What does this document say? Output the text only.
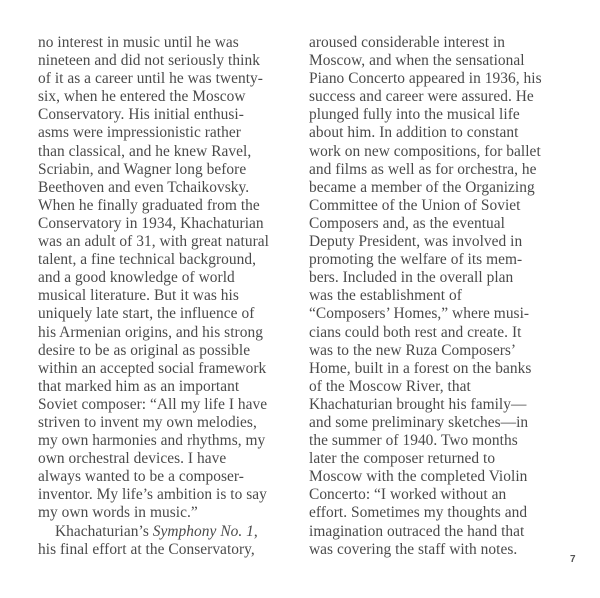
no interest in music until he was
nineteen and did not seriously think
of it as a career until he was twenty-
six, when he entered the Moscow
Conservatory. His initial enthusi-
asms were impressionistic rather
than classical, and he knew Ravel,
Scriabin, and Wagner long before
Beethoven and even Tchaikovsky.
When he finally graduated from the
Conservatory in 1934, Khachaturian
was an adult of 31, with great natural
talent, a fine technical background,
and a good knowledge of world
musical literature. But it was his
uniquely late start, the influence of
his Armenian origins, and his strong
desire to be as original as possible
within an accepted social framework
that marked him as an important
Soviet composer: “All my life I have
striven to invent my own melodies,
my own harmonies and rhythms, my
own orchestral devices. I have
always wanted to be a composer-
inventor. My life’s ambition is to say
my own words in music.”
Khachaturian’s Symphony No. 1,
his final effort at the Conservatory,
aroused considerable interest in
Moscow, and when the sensational
Piano Concerto appeared in 1936, his
success and career were assured. He
plunged fully into the musical life
about him. In addition to constant
work on new compositions, for ballet
and films as well as for orchestra, he
became a member of the Organizing
Committee of the Union of Soviet
Composers and, as the eventual
Deputy President, was involved in
promoting the welfare of its mem-
bers. Included in the overall plan
was the establishment of
“Composers’ Homes,” where musi-
cians could both rest and create. It
was to the new Ruza Composers’
Home, built in a forest on the banks
of the Moscow River, that
Khachaturian brought his family—
and some preliminary sketches—in
the summer of 1940. Two months
later the composer returned to
Moscow with the completed Violin
Concerto: “I worked without an
effort. Sometimes my thoughts and
imagination outraced the hand that
was covering the staff with notes.
7
